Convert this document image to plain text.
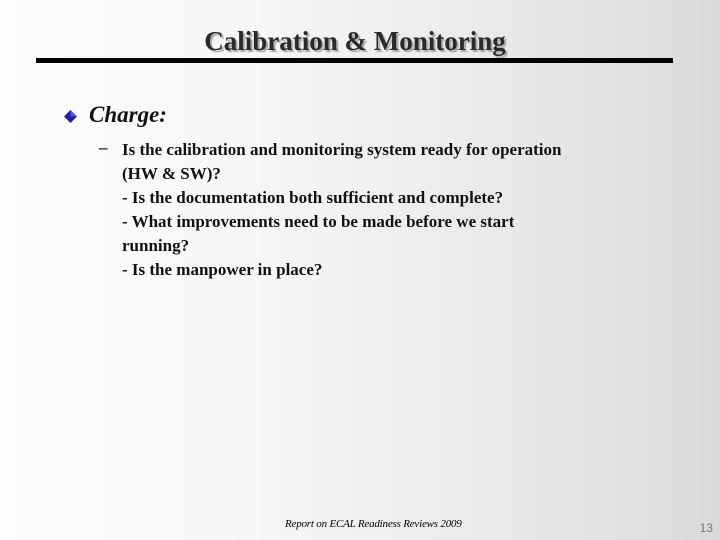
Calibration & Monitoring
Charge:
– Is the calibration and monitoring system ready for operation
(HW & SW)?
- Is the documentation both sufficient and complete?
- What improvements need to be made before we start
running?
- Is the manpower in place?
Report on ECAL Readiness Reviews 2009	13
